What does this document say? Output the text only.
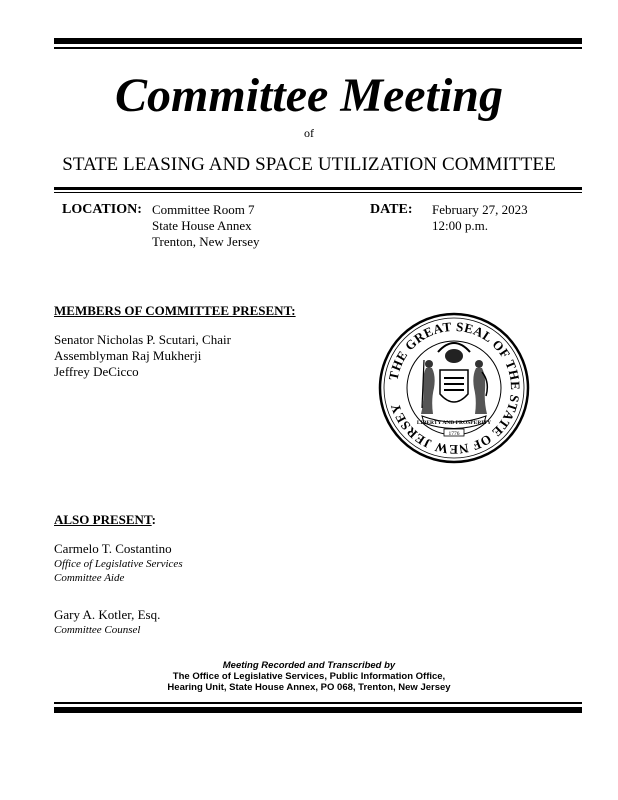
Committee Meeting
of
STATE LEASING AND SPACE UTILIZATION COMMITTEE
LOCATION: Committee Room 7
State House Annex
Trenton, New Jersey
DATE: February 27, 2023
12:00 p.m.
MEMBERS OF COMMITTEE PRESENT:
Senator Nicholas P. Scutari, Chair
Assemblyman Raj Mukherji
Jeffrey DeCicco	THE GREAT SEAL OF THE STATE OF NEW JERSEY
LIBERTY AND PROSPERITY
1776
ALSO PRESENT:
Carmelo T. Costantino
Office of Legislative Services
Committee Aide
Gary A. Kotler, Esq.
Committee Counsel
Meeting Recorded and Transcribed by
The Office of Legislative Services, Public Information Office,
Hearing Unit, State House Annex, PO 068, Trenton, New Jersey
